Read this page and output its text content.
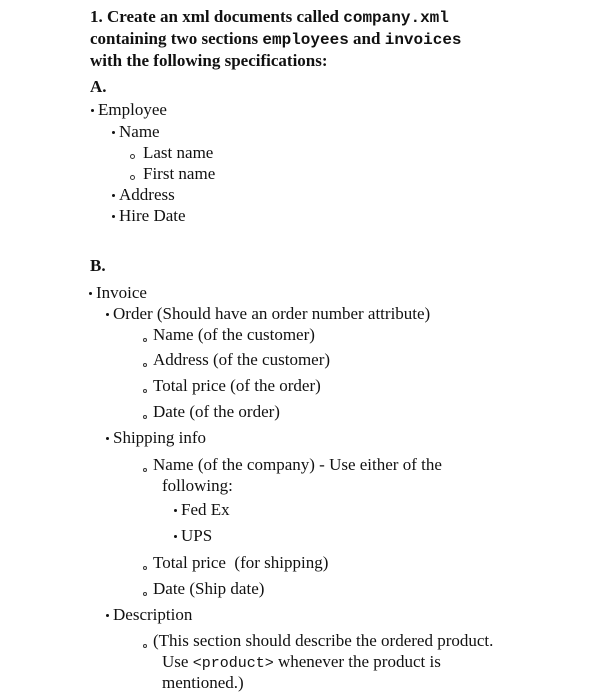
1. Create an xml documents called company.xml
containing two sections employees and invoices
with the following specifications:
A.
Employee
Name
Last name
First name
Address
Hire Date
B.
Invoice
Order (Should have an order number attribute)
Name (of the customer)
Address (of the customer)
Total price (of the order)
Date (of the order)
Shipping info
Name (of the company) - Use either of the
following:
Fed Ex
UPS
Total price  (for shipping)
Date (Ship date)
Description
(This section should describe the ordered product.
Use <product> whenever the product is
mentioned.)
